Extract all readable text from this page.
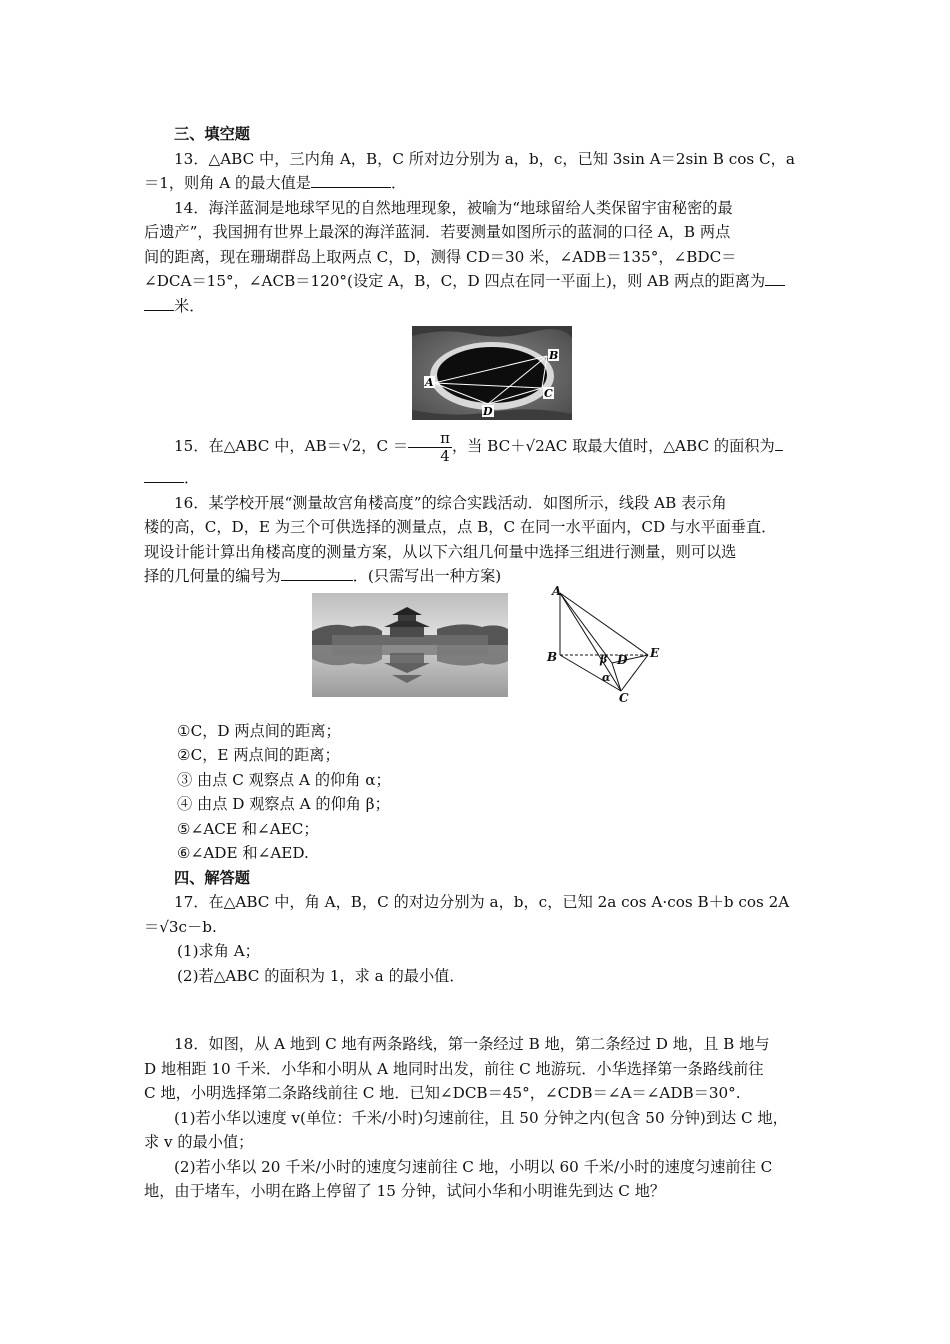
三、填空题

13．△ABC 中，三内角 A，B，C 所对边分别为 a，b，c，已知 3sin A＝2sin B cos C，a

＝1，则角 A 的最大值是	．

14．海洋蓝洞是地球罕见的自然地理现象，被喻为“地球留给人类保留宇宙秘密的最

后遗产”，我国拥有世界上最深的海洋蓝洞．若要测量如图所示的蓝洞的口径 A，B 两点

间的距离，现在珊瑚群岛上取两点 C，D，测得 CD＝30 米，∠ADB＝135°，∠BDC＝

∠DCA＝15°，∠ACB＝120°(设定 A，B，C，D 四点在同一平面上)，则 AB 两点的距离为

米．

A
B
C
D

15．在△ABC 中，AB＝√2，$C = \frac{\pi}{4}$ ，当 BC＋√2AC 取最大值时，△ABC 的面积为

．

16．某学校开展“测量故宫角楼高度”的综合实践活动．如图所示，线段 AB 表示角

楼的高，C，D，E 为三个可供选择的测量点，点 B，C 在同一水平面内，CD 与水平面垂直．

现设计能计算出角楼高度的测量方案，从以下六组几何量中选择三组进行测量，则可以选

择的几何量的编号为	．(只需写出一种方案)

A
B
C
D E
β
α

①C，D 两点间的距离；

②C，E 两点间的距离；

③ 由点 C 观察点 A 的仰角 α；

④ 由点 D 观察点 A 的仰角 β；

⑤∠ACE 和∠AEC；

⑥∠ADE 和∠AED.

四、解答题

17．在△ABC 中，角 A，B，C 的对边分别为 a，b，c，已知 2a cos A·cos B＋b cos 2A

＝√3c－b.

(1)求角 A；

(2)若△ABC 的面积为 1，求 a 的最小值．

18．如图，从 A 地到 C 地有两条路线，第一条经过 B 地，第二条经过 D 地，且 B 地与

D 地相距 10 千米．小华和小明从 A 地同时出发，前往 C 地游玩．小华选择第一条路线前往

C 地，小明选择第二条路线前往 C 地．已知∠DCB＝45°，∠CDB＝∠A＝∠ADB＝30°.

(1)若小华以速度 v(单位：千米/小时)匀速前往，且 50 分钟之内(包含 50 分钟)到达 C 地，

求 v 的最小值；

(2)若小华以 20 千米/小时的速度匀速前往 C 地，小明以 60 千米/小时的速度匀速前往 C

地，由于堵车，小明在路上停留了 15 分钟，试问小华和小明谁先到达 C 地？
